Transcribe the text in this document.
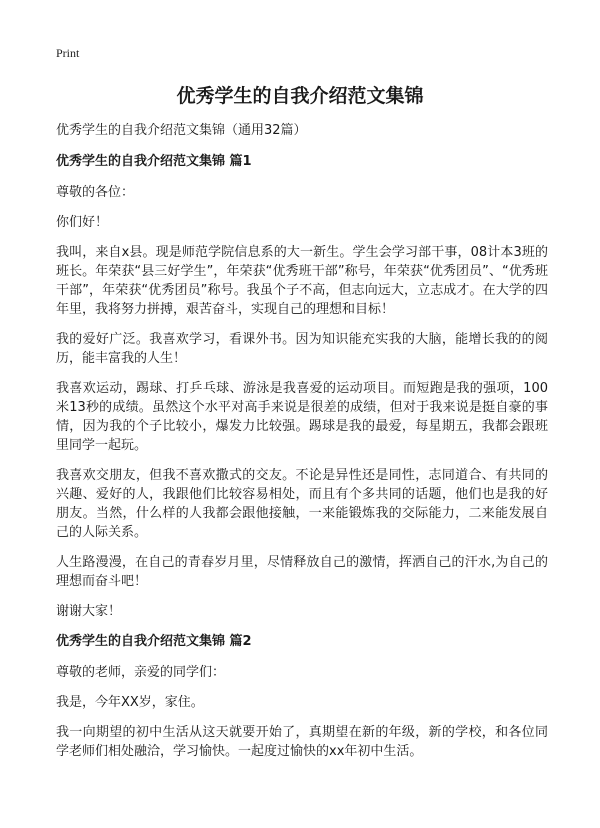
Print
优秀学生的自我介绍范文集锦

优秀学生的自我介绍范文集锦（通用32篇）

优秀学生的自我介绍范文集锦 篇1

尊敬的各位：

你们好！

我叫，来自x县。现是师范学院信息系的大一新生。学生会学习部干事，08计本3班的班长。年荣获“县三好学生”，年荣获“优秀班干部”称号，年荣获“优秀团员”、“优秀班干部”，年荣获“优秀团员”称号。我虽个子不高，但志向远大，立志成才。在大学的四年里，我将努力拼搏，艰苦奋斗，实现自己的理想和目标！

我的爱好广泛。我喜欢学习，看课外书。因为知识能充实我的大脑，能增长我的的阅历，能丰富我的人生！

我喜欢运动，踢球、打乒乓球、游泳是我喜爱的运动项目。而短跑是我的强项，100米13秒的成绩。虽然这个水平对高手来说是很差的成绩，但对于我来说是挺自豪的事情，因为我的个子比较小，爆发力比较强。踢球是我的最爱，每星期五，我都会跟班里同学一起玩。

我喜欢交朋友，但我不喜欢撒式的交友。不论是异性还是同性，志同道合、有共同的兴趣、爱好的人，我跟他们比较容易相处，而且有个多共同的话题，他们也是我的好朋友。当然，什么样的人我都会跟他接触，一来能锻炼我的交际能力，二来能发展自己的人际关系。

人生路漫漫，在自己的青春岁月里，尽情释放自己的激情，挥洒自己的汗水,为自己的理想而奋斗吧！

谢谢大家！

优秀学生的自我介绍范文集锦 篇2

尊敬的老师，亲爱的同学们：

我是，今年XX岁，家住。

我一向期望的初中生活从这天就要开始了，真期望在新的年级，新的学校，和各位同学老师们相处融洽，学习愉快。一起度过愉快的xx年初中生活。
